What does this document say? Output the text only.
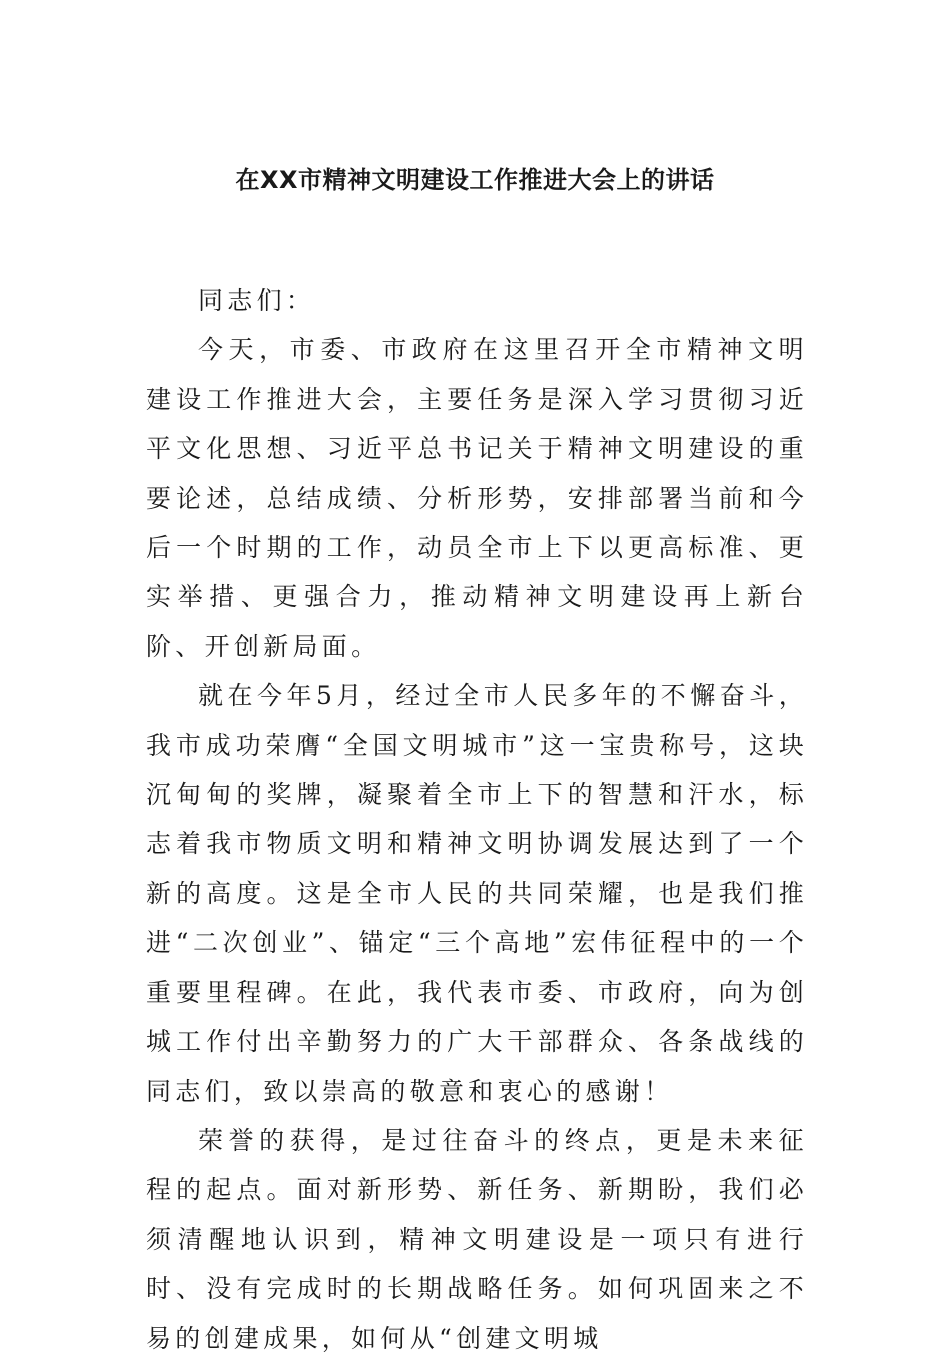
在XX市精神文明建设工作推进大会上的讲话

同志们：

今天，市委、市政府在这里召开全市精神文明建设工作推进大会，主要任务是深入学习贯彻习近平文化思想、习近平总书记关于精神文明建设的重要论述，总结成绩、分析形势，安排部署当前和今后一个时期的工作，动员全市上下以更高标准、更实举措、更强合力，推动精神文明建设再上新台阶、开创新局面。

就在今年5月，经过全市人民多年的不懈奋斗，我市成功荣膺“全国文明城市”这一宝贵称号，这块沉甸甸的奖牌，凝聚着全市上下的智慧和汗水，标志着我市物质文明和精神文明协调发展达到了一个新的高度。这是全市人民的共同荣耀，也是我们推进“二次创业”、锚定“三个高地”宏伟征程中的一个重要里程碑。在此，我代表市委、市政府，向为创城工作付出辛勤努力的广大干部群众、各条战线的同志们，致以崇高的敬意和衷心的感谢！

荣誉的获得，是过往奋斗的终点，更是未来征程的起点。面对新形势、新任务、新期盼，我们必须清醒地认识到，精神文明建设是一项只有进行时、没有完成时的长期战略任务。如何巩固来之不易的创建成果，如何从“创建文明城
